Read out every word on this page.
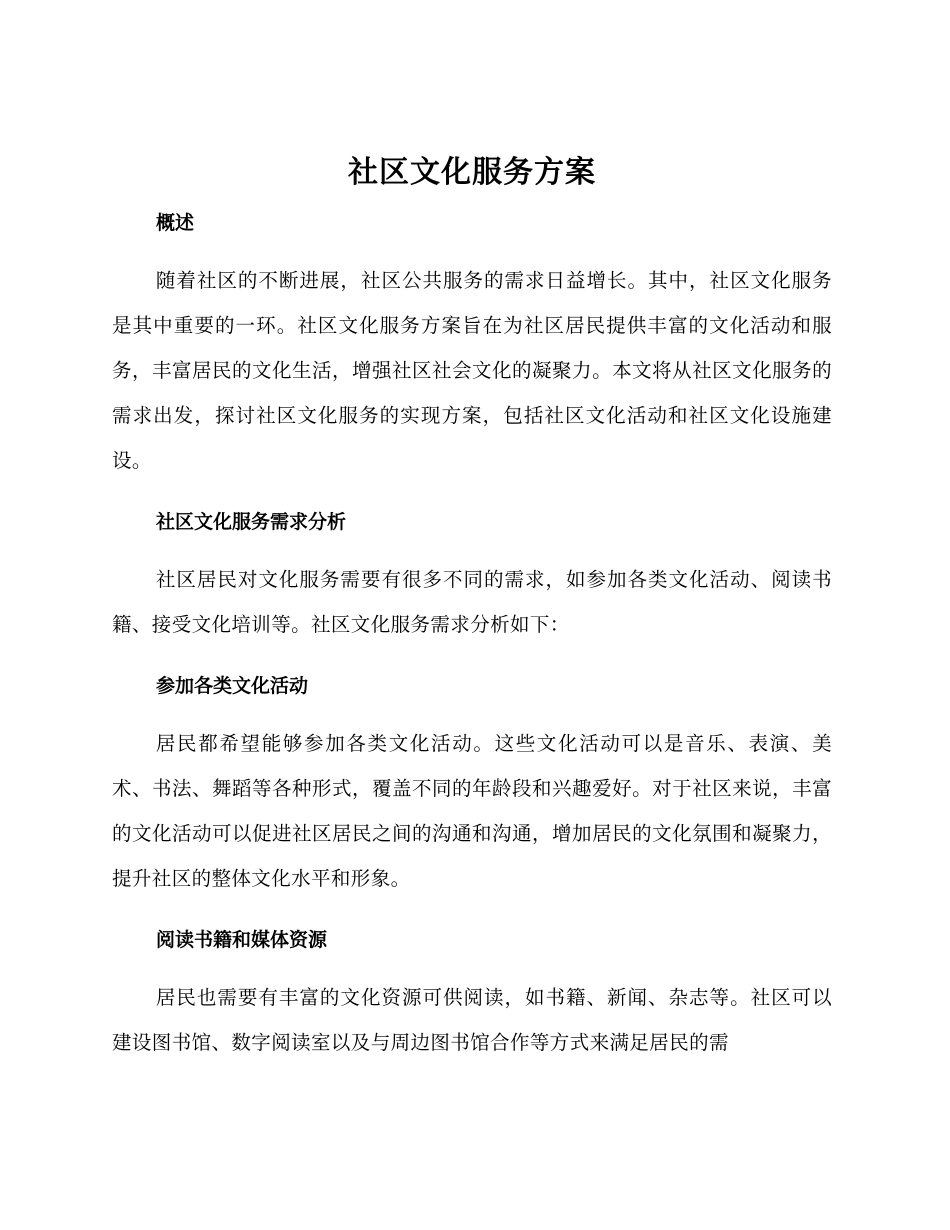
社区文化服务方案
概述

随着社区的不断进展，社区公共服务的需求日益增长。其中，社区文化服务是其中重要的一环。社区文化服务方案旨在为社区居民提供丰富的文化活动和服务，丰富居民的文化生活，增强社区社会文化的凝聚力。本文将从社区文化服务的需求出发，探讨社区文化服务的实现方案，包括社区文化活动和社区文化设施建设。

社区文化服务需求分析

社区居民对文化服务需要有很多不同的需求，如参加各类文化活动、阅读书籍、接受文化培训等。社区文化服务需求分析如下：

参加各类文化活动

居民都希望能够参加各类文化活动。这些文化活动可以是音乐、表演、美术、书法、舞蹈等各种形式，覆盖不同的年龄段和兴趣爱好。对于社区来说，丰富的文化活动可以促进社区居民之间的沟通和沟通，增加居民的文化氛围和凝聚力，提升社区的整体文化水平和形象。

阅读书籍和媒体资源

居民也需要有丰富的文化资源可供阅读，如书籍、新闻、杂志等。社区可以建设图书馆、数字阅读室以及与周边图书馆合作等方式来满足居民的需
